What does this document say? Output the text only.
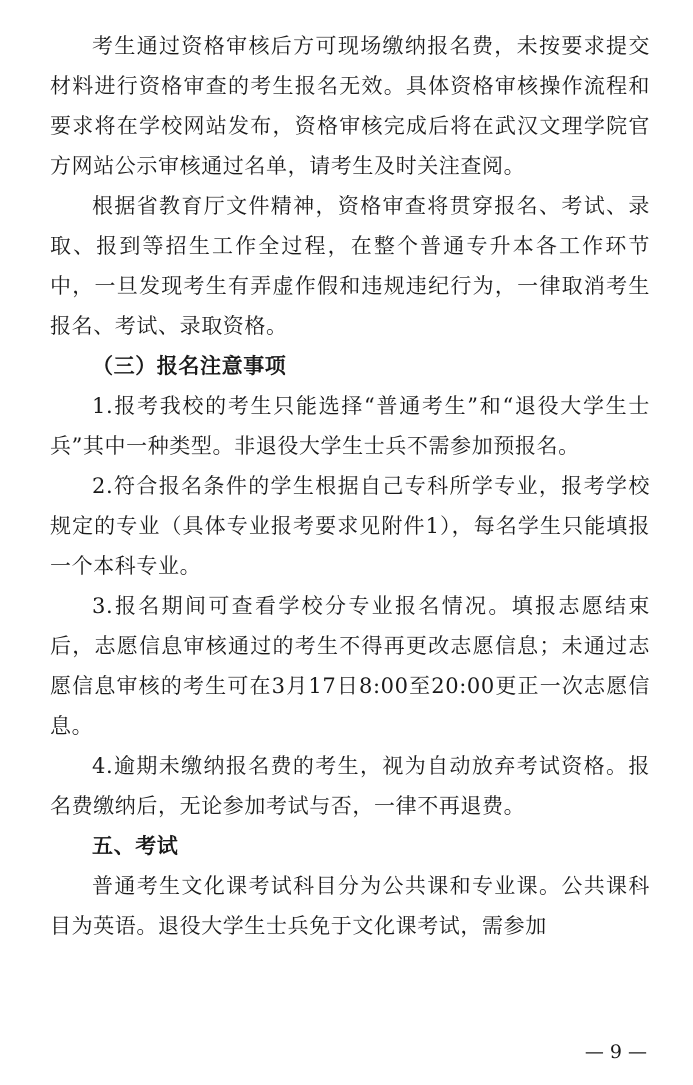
考生通过资格审核后方可现场缴纳报名费，未按要求提交材料进行资格审查的考生报名无效。具体资格审核操作流程和要求将在学校网站发布，资格审核完成后将在武汉文理学院官方网站公示审核通过名单，请考生及时关注查阅。

根据省教育厅文件精神，资格审查将贯穿报名、考试、录取、报到等招生工作全过程，在整个普通专升本各工作环节中，一旦发现考生有弄虚作假和违规违纪行为，一律取消考生报名、考试、录取资格。

（三）报名注意事项

1.报考我校的考生只能选择“普通考生”和“退役大学生士兵”其中一种类型。非退役大学生士兵不需参加预报名。

2.符合报名条件的学生根据自己专科所学专业，报考学校规定的专业（具体专业报考要求见附件1），每名学生只能填报一个本科专业。

3.报名期间可查看学校分专业报名情况。填报志愿结束后，志愿信息审核通过的考生不得再更改志愿信息；未通过志愿信息审核的考生可在3月17日8:00至20:00更正一次志愿信息。

4.逾期未缴纳报名费的考生，视为自动放弃考试资格。报名费缴纳后，无论参加考试与否，一律不再退费。

五、考试

普通考生文化课考试科目分为公共课和专业课。公共课科目为英语。退役大学生士兵免于文化课考试，需参加

— 9 —
